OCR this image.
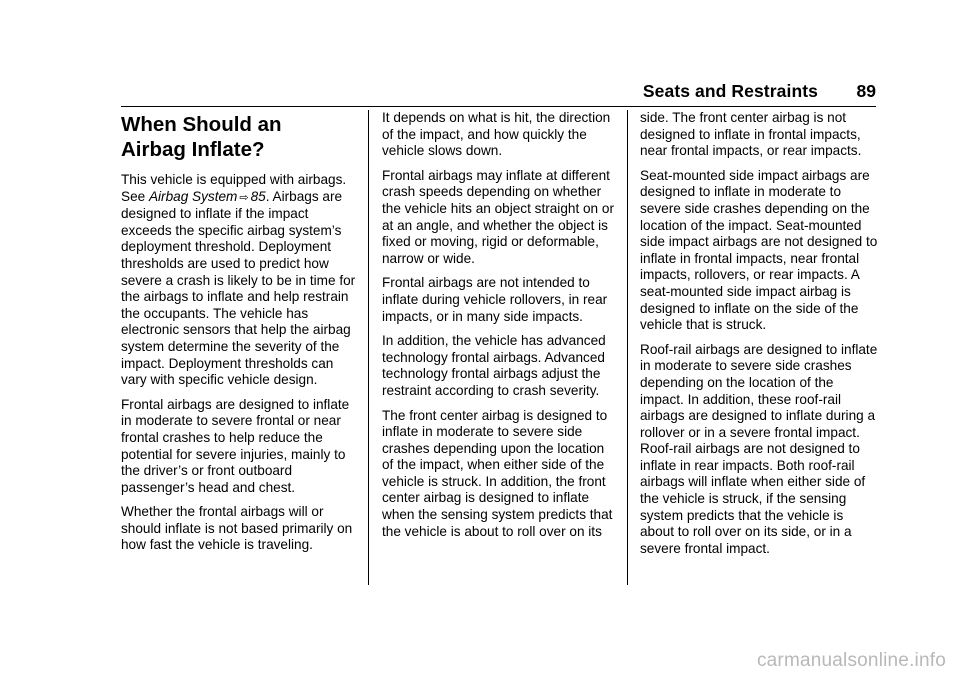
Seats and Restraints 89
When Should an Airbag Inflate?

This vehicle is equipped with airbags. See Airbag System ⇨ 85. Airbags are designed to inflate if the impact exceeds the specific airbag system’s deployment threshold. Deployment thresholds are used to predict how severe a crash is likely to be in time for the airbags to inflate and help restrain the occupants. The vehicle has electronic sensors that help the airbag system determine the severity of the impact. Deployment thresholds can vary with specific vehicle design.

Frontal airbags are designed to inflate in moderate to severe frontal or near frontal crashes to help reduce the potential for severe injuries, mainly to the driver’s or front outboard passenger’s head and chest.

Whether the frontal airbags will or should inflate is not based primarily on how fast the vehicle is traveling.

It depends on what is hit, the direction of the impact, and how quickly the vehicle slows down.

Frontal airbags may inflate at different crash speeds depending on whether the vehicle hits an object straight on or at an angle, and whether the object is fixed or moving, rigid or deformable, narrow or wide.

Frontal airbags are not intended to inflate during vehicle rollovers, in rear impacts, or in many side impacts.

In addition, the vehicle has advanced technology frontal airbags. Advanced technology frontal airbags adjust the restraint according to crash severity.

The front center airbag is designed to inflate in moderate to severe side crashes depending upon the location of the impact, when either side of the vehicle is struck. In addition, the front center airbag is designed to inflate when the sensing system predicts that the vehicle is about to roll over on its

side. The front center airbag is not designed to inflate in frontal impacts, near frontal impacts, or rear impacts.

Seat-mounted side impact airbags are designed to inflate in moderate to severe side crashes depending on the location of the impact. Seat-mounted side impact airbags are not designed to inflate in frontal impacts, near frontal impacts, rollovers, or rear impacts. A seat-mounted side impact airbag is designed to inflate on the side of the vehicle that is struck.

Roof-rail airbags are designed to inflate in moderate to severe side crashes depending on the location of the impact. In addition, these roof-rail airbags are designed to inflate during a rollover or in a severe frontal impact. Roof-rail airbags are not designed to inflate in rear impacts. Both roof-rail airbags will inflate when either side of the vehicle is struck, if the sensing system predicts that the vehicle is about to roll over on its side, or in a severe frontal impact.

carmanualsonline.info
